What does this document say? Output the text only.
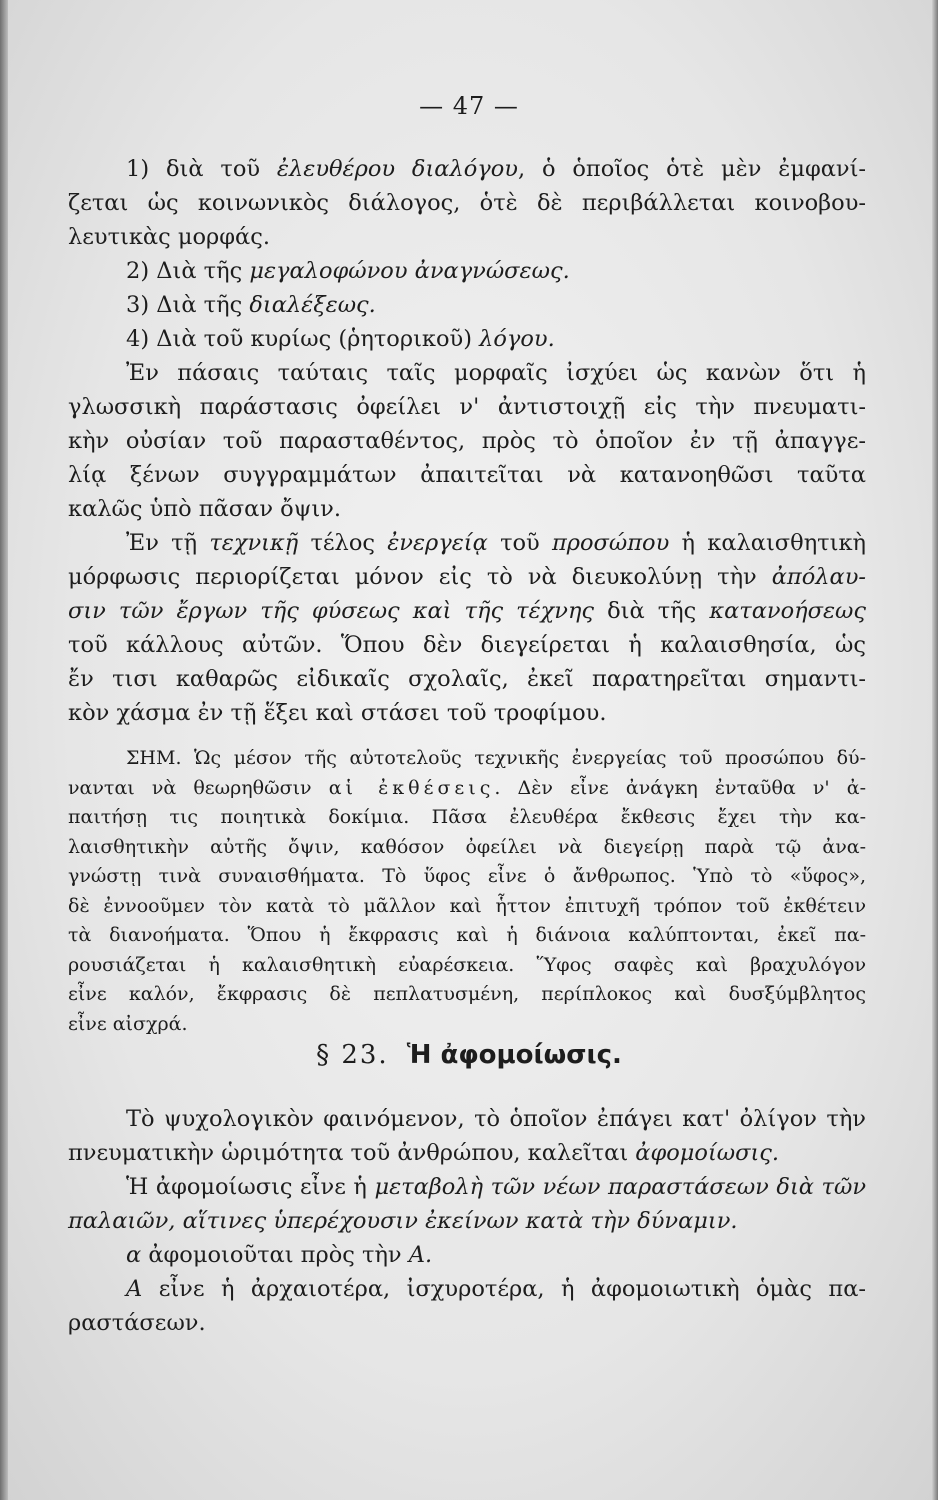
— 47 —
1) διὰ τοῦ ἐλευθέρου διαλόγου, ὁ ὁποῖος ὁτὲ μὲν ἐμφανί-
ζεται ὡς κοινωνικὸς διάλογος, ὁτὲ δὲ περιβάλλεται κοινοβου-
λευτικὰς μορφάς.
2) Διὰ τῆς μεγαλοφώνου ἀναγνώσεως.
3) Διὰ τῆς διαλέξεως.
4) Διὰ τοῦ κυρίως (ῥητορικοῦ) λόγου.
Ἐν πάσαις ταύταις ταῖς μορφαῖς ἰσχύει ὡς κανὼν ὅτι ἡ
γλωσσικὴ παράστασις ὀφείλει ν' ἀντιστοιχῇ εἰς τὴν πνευματι-
κὴν οὐσίαν τοῦ παρασταθέντος, πρὸς τὸ ὁποῖον ἐν τῇ ἀπαγγε-
λίᾳ ξένων συγγραμμάτων ἀπαιτεῖται νὰ κατανοηθῶσι ταῦτα
καλῶς ὑπὸ πᾶσαν ὄψιν.
Ἐν τῇ τεχνικῇ τέλος ἐνεργείᾳ τοῦ προσώπου ἡ καλαισθητικὴ
μόρφωσις περιορίζεται μόνον εἰς τὸ νὰ διευκολύνῃ τὴν ἀπόλαυ-
σιν τῶν ἔργων τῆς φύσεως καὶ τῆς τέχνης διὰ τῆς κατανοήσεως
τοῦ κάλλους αὐτῶν. Ὅπου δὲν διεγείρεται ἡ καλαισθησία, ὡς
ἔν τισι καθαρῶς εἰδικαῖς σχολαῖς, ἐκεῖ παρατηρεῖται σημαντι-
κὸν χάσμα ἐν τῇ ἕξει καὶ στάσει τοῦ τροφίμου.
ΣΗΜ. Ὡς μέσον τῆς αὐτοτελοῦς τεχνικῆς ἐνεργείας τοῦ προσώπου δύ-
νανται νὰ θεωρηθῶσιν αἱ ἐκθέσεις. Δὲν εἶνε ἀνάγκη ἐνταῦθα ν' ἀ-
παιτήσῃ τις ποιητικὰ δοκίμια. Πᾶσα ἐλευθέρα ἔκθεσις ἔχει τὴν κα-
λαισθητικὴν αὐτῆς ὄψιν, καθόσον ὀφείλει νὰ διεγείρῃ παρὰ τῷ ἀνα-
γνώστῃ τινὰ συναισθήματα. Τὸ ὕφος εἶνε ὁ ἄνθρωπος. Ὑπὸ τὸ «ὕφος»,
δὲ ἐννοοῦμεν τὸν κατὰ τὸ μᾶλλον καὶ ἧττον ἐπιτυχῆ τρόπον τοῦ ἐκθέτειν
τὰ διανοήματα. Ὅπου ἡ ἔκφρασις καὶ ἡ διάνοια καλύπτονται, ἐκεῖ πα-
ρουσιάζεται ἡ καλαισθητικὴ εὐαρέσκεια. Ὕφος σαφὲς καὶ βραχυλόγον
εἶνε καλόν, ἔκφρασις δὲ πεπλατυσμένη, περίπλοκος καὶ δυσξύμβλητος
εἶνε αἰσχρά.
§ 23. Ἡ ἀφομοίωσις.
Τὸ ψυχολογικὸν φαινόμενον, τὸ ὁποῖον ἐπάγει κατ' ὀλίγον τὴν
πνευματικὴν ὡριμότητα τοῦ ἀνθρώπου, καλεῖται ἀφομοίωσις.
Ἡ ἀφομοίωσις εἶνε ἡ μεταβολὴ τῶν νέων παραστάσεων διὰ τῶν
παλαιῶν, αἵτινες ὑπερέχουσιν ἐκείνων κατὰ τὴν δύναμιν.
α ἀφομοιοῦται πρὸς τὴν Α.
Α εἶνε ἡ ἀρχαιοτέρα, ἰσχυροτέρα, ἡ ἀφομοιωτικὴ ὁμὰς πα-
ραστάσεων.
